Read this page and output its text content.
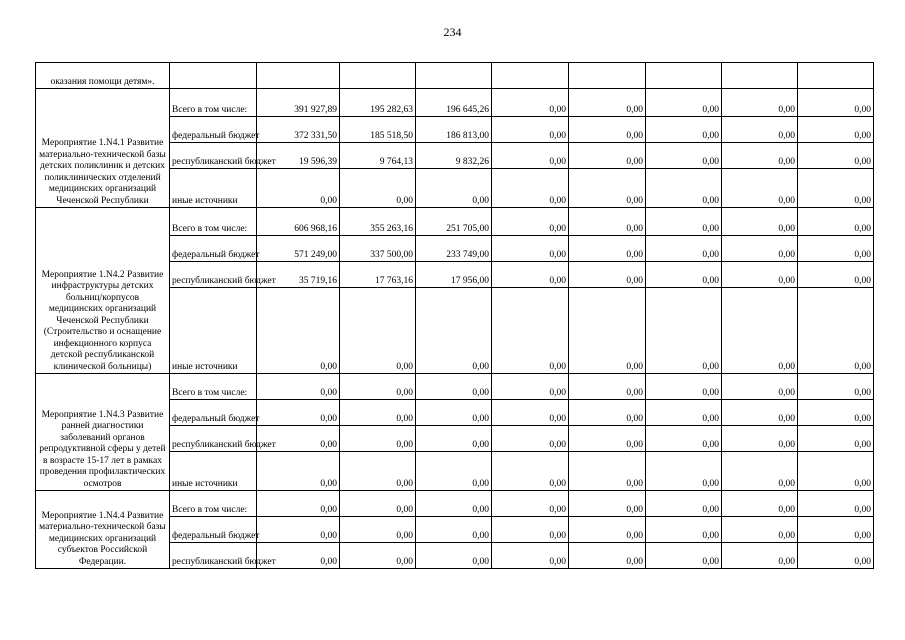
234
оказания помощи детям».									
Мероприятие 1.N4.1 Развитие материально-технической базы детских поликлиник и детских поликлинических отделений медицинских организаций Чеченской Республики	Всего в том числе:	391 927,89	195 282,63	196 645,26	0,00	0,00	0,00	0,00	0,00
	федеральный бюджет	372 331,50	185 518,50	186 813,00	0,00	0,00	0,00	0,00	0,00
	республиканский бюджет	19 596,39	9 764,13	9 832,26	0,00	0,00	0,00	0,00	0,00
	иные источники	0,00	0,00	0,00	0,00	0,00	0,00	0,00	0,00
Мероприятие 1.N4.2 Развитие инфраструктуры детских больниц/корпусов медицинских организаций Чеченской Республики (Строительство и оснащение инфекционного корпуса детской республиканской клинической больницы)	Всего в том числе:	606 968,16	355 263,16	251 705,00	0,00	0,00	0,00	0,00	0,00
	федеральный бюджет	571 249,00	337 500,00	233 749,00	0,00	0,00	0,00	0,00	0,00
	республиканский бюджет	35 719,16	17 763,16	17 956,00	0,00	0,00	0,00	0,00	0,00
	иные источники	0,00	0,00	0,00	0,00	0,00	0,00	0,00	0,00
Мероприятие 1.N4.3 Развитие ранней диагностики заболеваний органов репродуктивной сферы у детей в возрасте 15-17 лет в рамках проведения профилактических осмотров	Всего в том числе:	0,00	0,00	0,00	0,00	0,00	0,00	0,00	0,00
	федеральный бюджет	0,00	0,00	0,00	0,00	0,00	0,00	0,00	0,00
	республиканский бюджет	0,00	0,00	0,00	0,00	0,00	0,00	0,00	0,00
	иные источники	0,00	0,00	0,00	0,00	0,00	0,00	0,00	0,00
Мероприятие 1.N4.4 Развитие материально-технической базы медицинских организаций субъектов Российской Федерации.	Всего в том числе:	0,00	0,00	0,00	0,00	0,00	0,00	0,00	0,00
	федеральный бюджет	0,00	0,00	0,00	0,00	0,00	0,00	0,00	0,00
	республиканский бюджет	0,00	0,00	0,00	0,00	0,00	0,00	0,00	0,00
